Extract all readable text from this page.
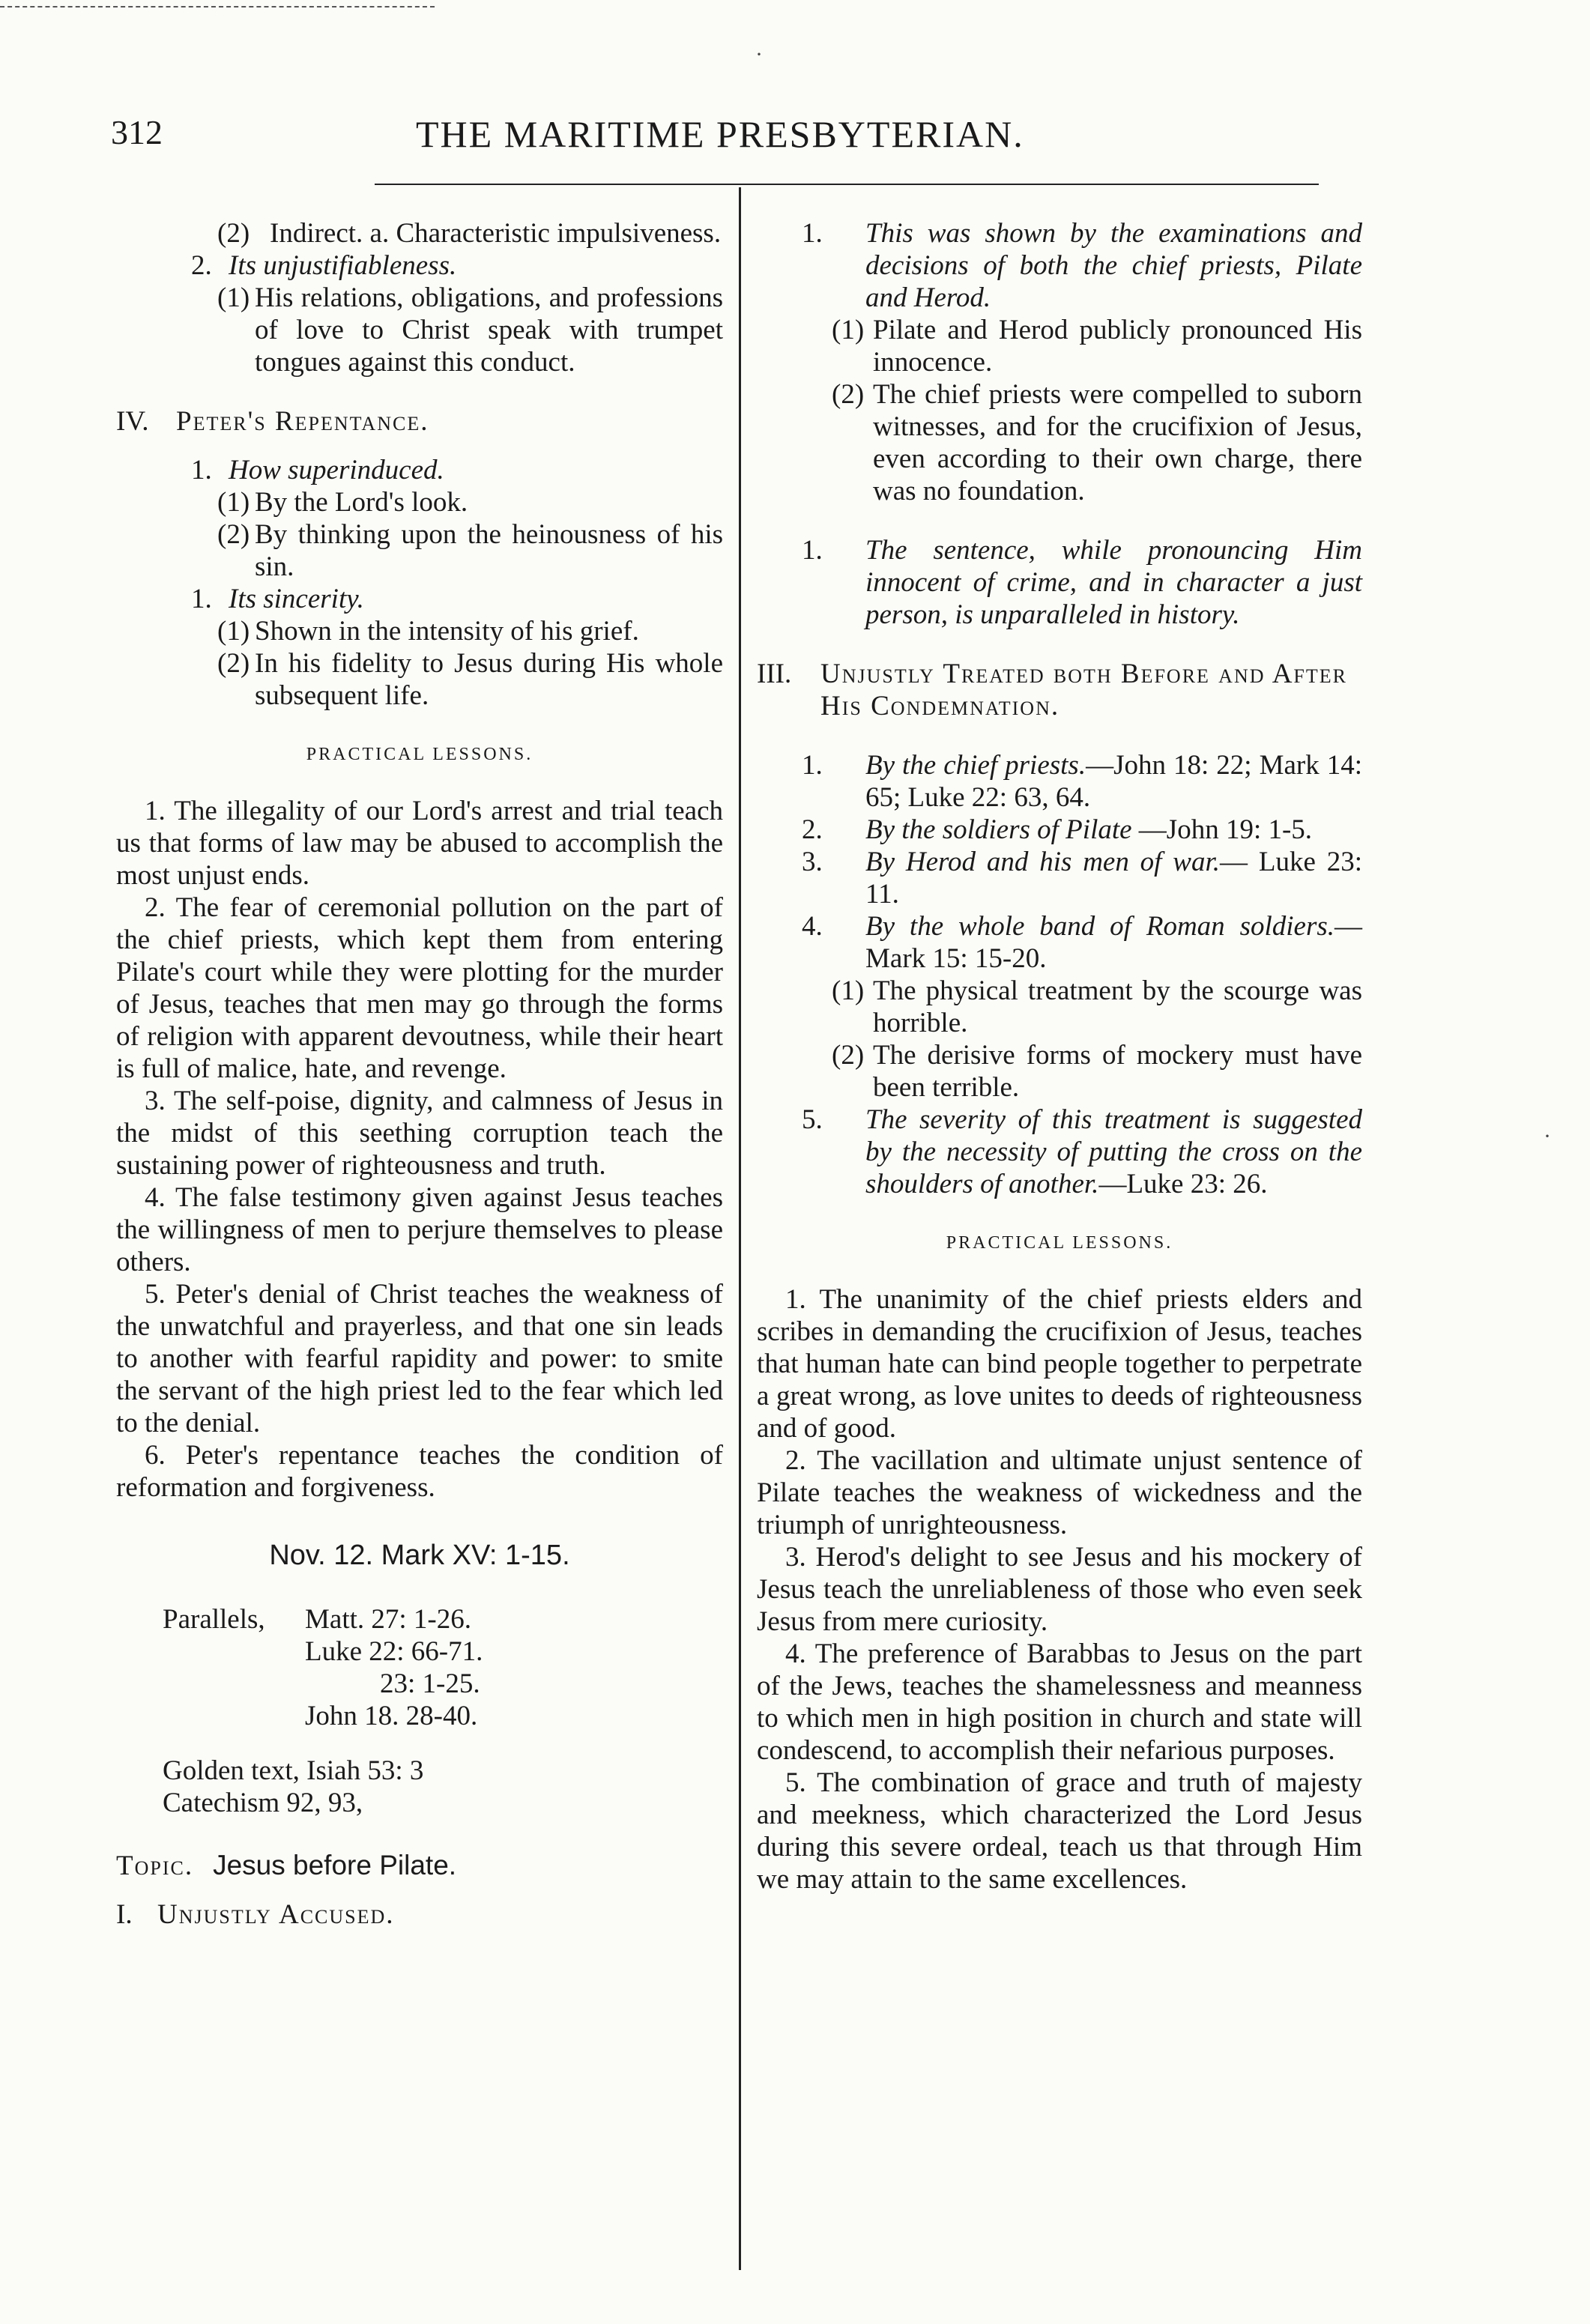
312	THE MARITIME PRESBYTERIAN.
·
·
(2) Indirect. a. Characteristic impulsiveness.
2. Its unjustifiableness.
(1) His relations, obligations, and professions of love to Christ speak with trumpet tongues against this conduct.
IV. Peter's Repentance.
1. How superinduced.
(1) By the Lord's look.
(2) By thinking upon the heinousness of his sin.
1. Its sincerity.
(1) Shown in the intensity of his grief.
(2) In his fidelity to Jesus during His whole subsequent life.
PRACTICAL LESSONS.
1. The illegality of our Lord's arrest and trial teach us that forms of law may be abused to accomplish the most unjust ends.
2. The fear of ceremonial pollution on the part of the chief priests, which kept them from entering Pilate's court while they were plotting for the murder of Jesus, teaches that men may go through the forms of religion with apparent devoutness, while their heart is full of malice, hate, and revenge.
3. The self-poise, dignity, and calmness of Jesus in the midst of this seething corruption teach the sustaining power of righteousness and truth.
4. The false testimony given against Jesus teaches the willingness of men to perjure themselves to please others.
5. Peter's denial of Christ teaches the weakness of the unwatchful and prayerless, and that one sin leads to another with fearful rapidity and power: to smite the servant of the high priest led to the fear which led to the denial.
6. Peter's repentance teaches the condition of reformation and forgiveness.
Nov. 12. Mark XV: 1-15.
Parallels,	Matt. 27: 1-26.
Luke 22: 66-71.
23: 1-25.
John 18. 28-40.
Golden text, Isiah 53: 3
Catechism 92, 93,
Topic. Jesus before Pilate.
I. Unjustly Accused.
1.	This was shown by the examinations and decisions of both the chief priests, Pilate and Herod.
(1) Pilate and Herod publicly pronounced His innocence.
(2) The chief priests were compelled to suborn witnesses, and for the crucifixion of Jesus, even according to their own charge, there was no foundation.
1.	The sentence, while pronouncing Him innocent of crime, and in character a just person, is unparalleled in history.
III.	Unjustly Treated both Before and After His Condemnation.
1.	By the chief priests.—John 18: 22; Mark 14: 65; Luke 22: 63, 64.
2.	By the soldiers of Pilate —John 19: 1-5.
3.	By Herod and his men of war.— Luke 23: 11.
4.	By the whole band of Roman soldiers.—Mark 15: 15-20.
(1) The physical treatment by the scourge was horrible.
(2) The derisive forms of mockery must have been terrible.
5.	The severity of this treatment is suggested by the necessity of putting the cross on the shoulders of another.—Luke 23: 26.
PRACTICAL LESSONS.
1. The unanimity of the chief priests elders and scribes in demanding the crucifixion of Jesus, teaches that human hate can bind people together to perpetrate a great wrong, as love unites to deeds of righteousness and of good.
2. The vacillation and ultimate unjust sentence of Pilate teaches the weakness of wickedness and the triumph of unrighteousness.
3. Herod's delight to see Jesus and his mockery of Jesus teach the unreliableness of those who even seek Jesus from mere curiosity.
4. The preference of Barabbas to Jesus on the part of the Jews, teaches the shamelessness and meanness to which men in high position in church and state will condescend, to accomplish their nefarious purposes.
5. The combination of grace and truth of majesty and meekness, which characterized the Lord Jesus during this severe ordeal, teach us that through Him we may attain to the same excellences.
